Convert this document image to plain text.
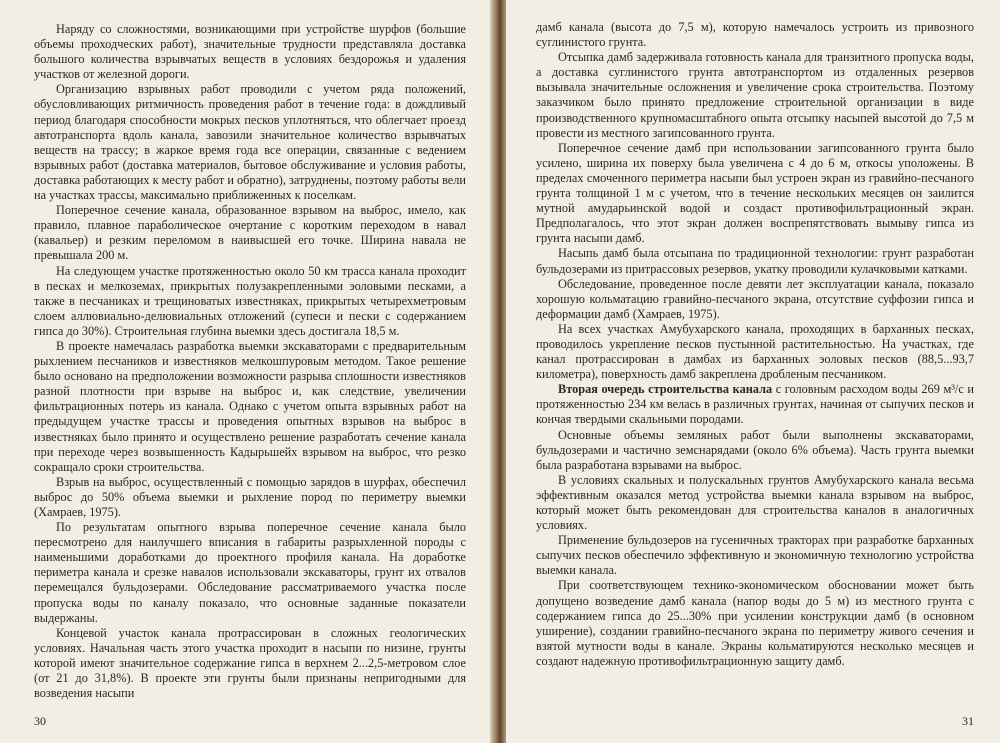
Наряду со сложностями, возникающими при устройстве шурфов (большие объемы проходческих работ), значительные трудности представляла доставка большого количества взрывчатых веществ в условиях бездорожья и удаления участков от железной дороги.

Организацию взрывных работ проводили с учетом ряда положений, обусловливающих ритмичность проведения работ в течение года: в дождливый период благодаря способности мокрых песков уплотняться, что облегчает проезд автотранспорта вдоль канала, завозили значительное количество взрывчатых веществ на трассу; в жаркое время года все операции, связанные с ведением взрывных работ (доставка материалов, бытовое обслуживание и условия работы, доставка работающих к месту работ и обратно), затруднены, поэтому работы вели на участках трассы, максимально приближенных к поселкам.

Поперечное сечение канала, образованное взрывом на выброс, имело, как правило, плавное параболическое очертание с коротким переходом в навал (кавальер) и резким переломом в наивысшей его точке. Ширина навала не превышала 200 м.

На следующем участке протяженностью около 50 км трасса канала проходит в песках и мелкоземах, прикрытых полузакрепленными эоловыми песками, а также в песчаниках и трещиноватых известняках, прикрытых четырехметровым слоем аллювиально-делювиальных отложений (супеси и пески с содержанием гипса до 30%). Строительная глубина выемки здесь достигала 18,5 м.

В проекте намечалась разработка выемки экскаваторами с предварительным рыхлением песчаников и известняков мелкошпуровым методом. Такое решение было основано на предположении возможности разрыва сплошности известняков разной плотности при взрыве на выброс и, как следствие, увеличении фильтрационных потерь из канала. Однако с учетом опыта взрывных работ на предыдущем участке трассы и проведения опытных взрывов на выброс в известняках было принято и осуществлено решение разработать сечение канала при переходе через возвышенность Кадырьшейх взрывом на выброс, что резко сокращало сроки строительства.

Взрыв на выброс, осуществленный с помощью зарядов в шурфах, обеспечил выброс до 50% объема выемки и рыхление пород по периметру выемки (Хамраев, 1975).

По результатам опытного взрыва поперечное сечение канала было пересмотрено для наилучшего вписания в габариты разрыхленной породы с наименьшими доработками до проектного профиля канала. На доработке периметра канала и срезке навалов использовали экскаваторы, грунт их отвалов перемещался бульдозерами. Обследование рассматриваемого участка после пропуска воды по каналу показало, что основные заданные показатели выдержаны.

Концевой участок канала протрассирован в сложных геологических условиях. Начальная часть этого участка проходит в насыпи по низине, грунты которой имеют значительное содержание гипса в верхнем 2...2,5-метровом слое (от 21 до 31,8%). В проекте эти грунты были признаны непригодными для возведения насыпи

30

дамб канала (высота до 7,5 м), которую намечалось устроить из привозного суглинистого грунта.

Отсыпка дамб задерживала готовность канала для транзитного пропуска воды, а доставка суглинистого грунта автотранспортом из отдаленных резервов вызывала значительные осложнения и увеличение срока строительства. Поэтому заказчиком было принято предложение строительной организации в виде производственного крупномасштабного опыта отсыпку насыпей высотой до 7,5 м провести из местного загипсованного грунта.

Поперечное сечение дамб при использовании загипсованного грунта было усилено, ширина их поверху была увеличена с 4 до 6 м, откосы уположены. В пределах смоченного периметра насыпи был устроен экран из гравийно-песчаного грунта толщиной 1 м с учетом, что в течение нескольких месяцев он заилится мутной амударьинской водой и создаст противофильтрационный экран. Предполагалось, что этот экран должен воспрепятствовать вымыву гипса из грунта насыпи дамб.

Насыпь дамб была отсыпана по традиционной технологии: грунт разработан бульдозерами из притрассовых резервов, укатку проводили кулачковыми катками.

Обследование, проведенное после девяти лет эксплуатации канала, показало хорошую кольматацию гравийно-песчаного экрана, отсутствие суффозии гипса и деформации дамб (Хамраев, 1975).

На всех участках Амубухарского канала, проходящих в барханных песках, проводилось укрепление песков пустынной растительностью. На участках, где канал протрассирован в дамбах из барханных эоловых песков (88,5...93,7 километра), поверхность дамб закреплена дробленым песчаником.

Вторая очередь строительства канала с головным расходом воды 269 м³/с и протяженностью 234 км велась в различных грунтах, начиная от сыпучих песков и кончая твердыми скальными породами.

Основные объемы земляных работ были выполнены экскаваторами, бульдозерами и частично земснарядами (около 6% объема). Часть грунта выемки была разработана взрывами на выброс.

В условиях скальных и полускальных грунтов Амубухарского канала весьма эффективным оказался метод устройства выемки канала взрывом на выброс, который может быть рекомендован для строительства каналов в аналогичных условиях.

Применение бульдозеров на гусеничных тракторах при разработке барханных сыпучих песков обеспечило эффективную и экономичную технологию устройства выемки канала.

При соответствующем технико-экономическом обосновании может быть допущено возведение дамб канала (напор воды до 5 м) из местного грунта с содержанием гипса до 25...30% при усилении конструкции дамб (в основном уширение), создании гравийно-песчаного экрана по периметру живого сечения и взятой мутности воды в канале. Экраны кольматируются несколько месяцев и создают надежную противофильтрационную защиту дамб.

31
